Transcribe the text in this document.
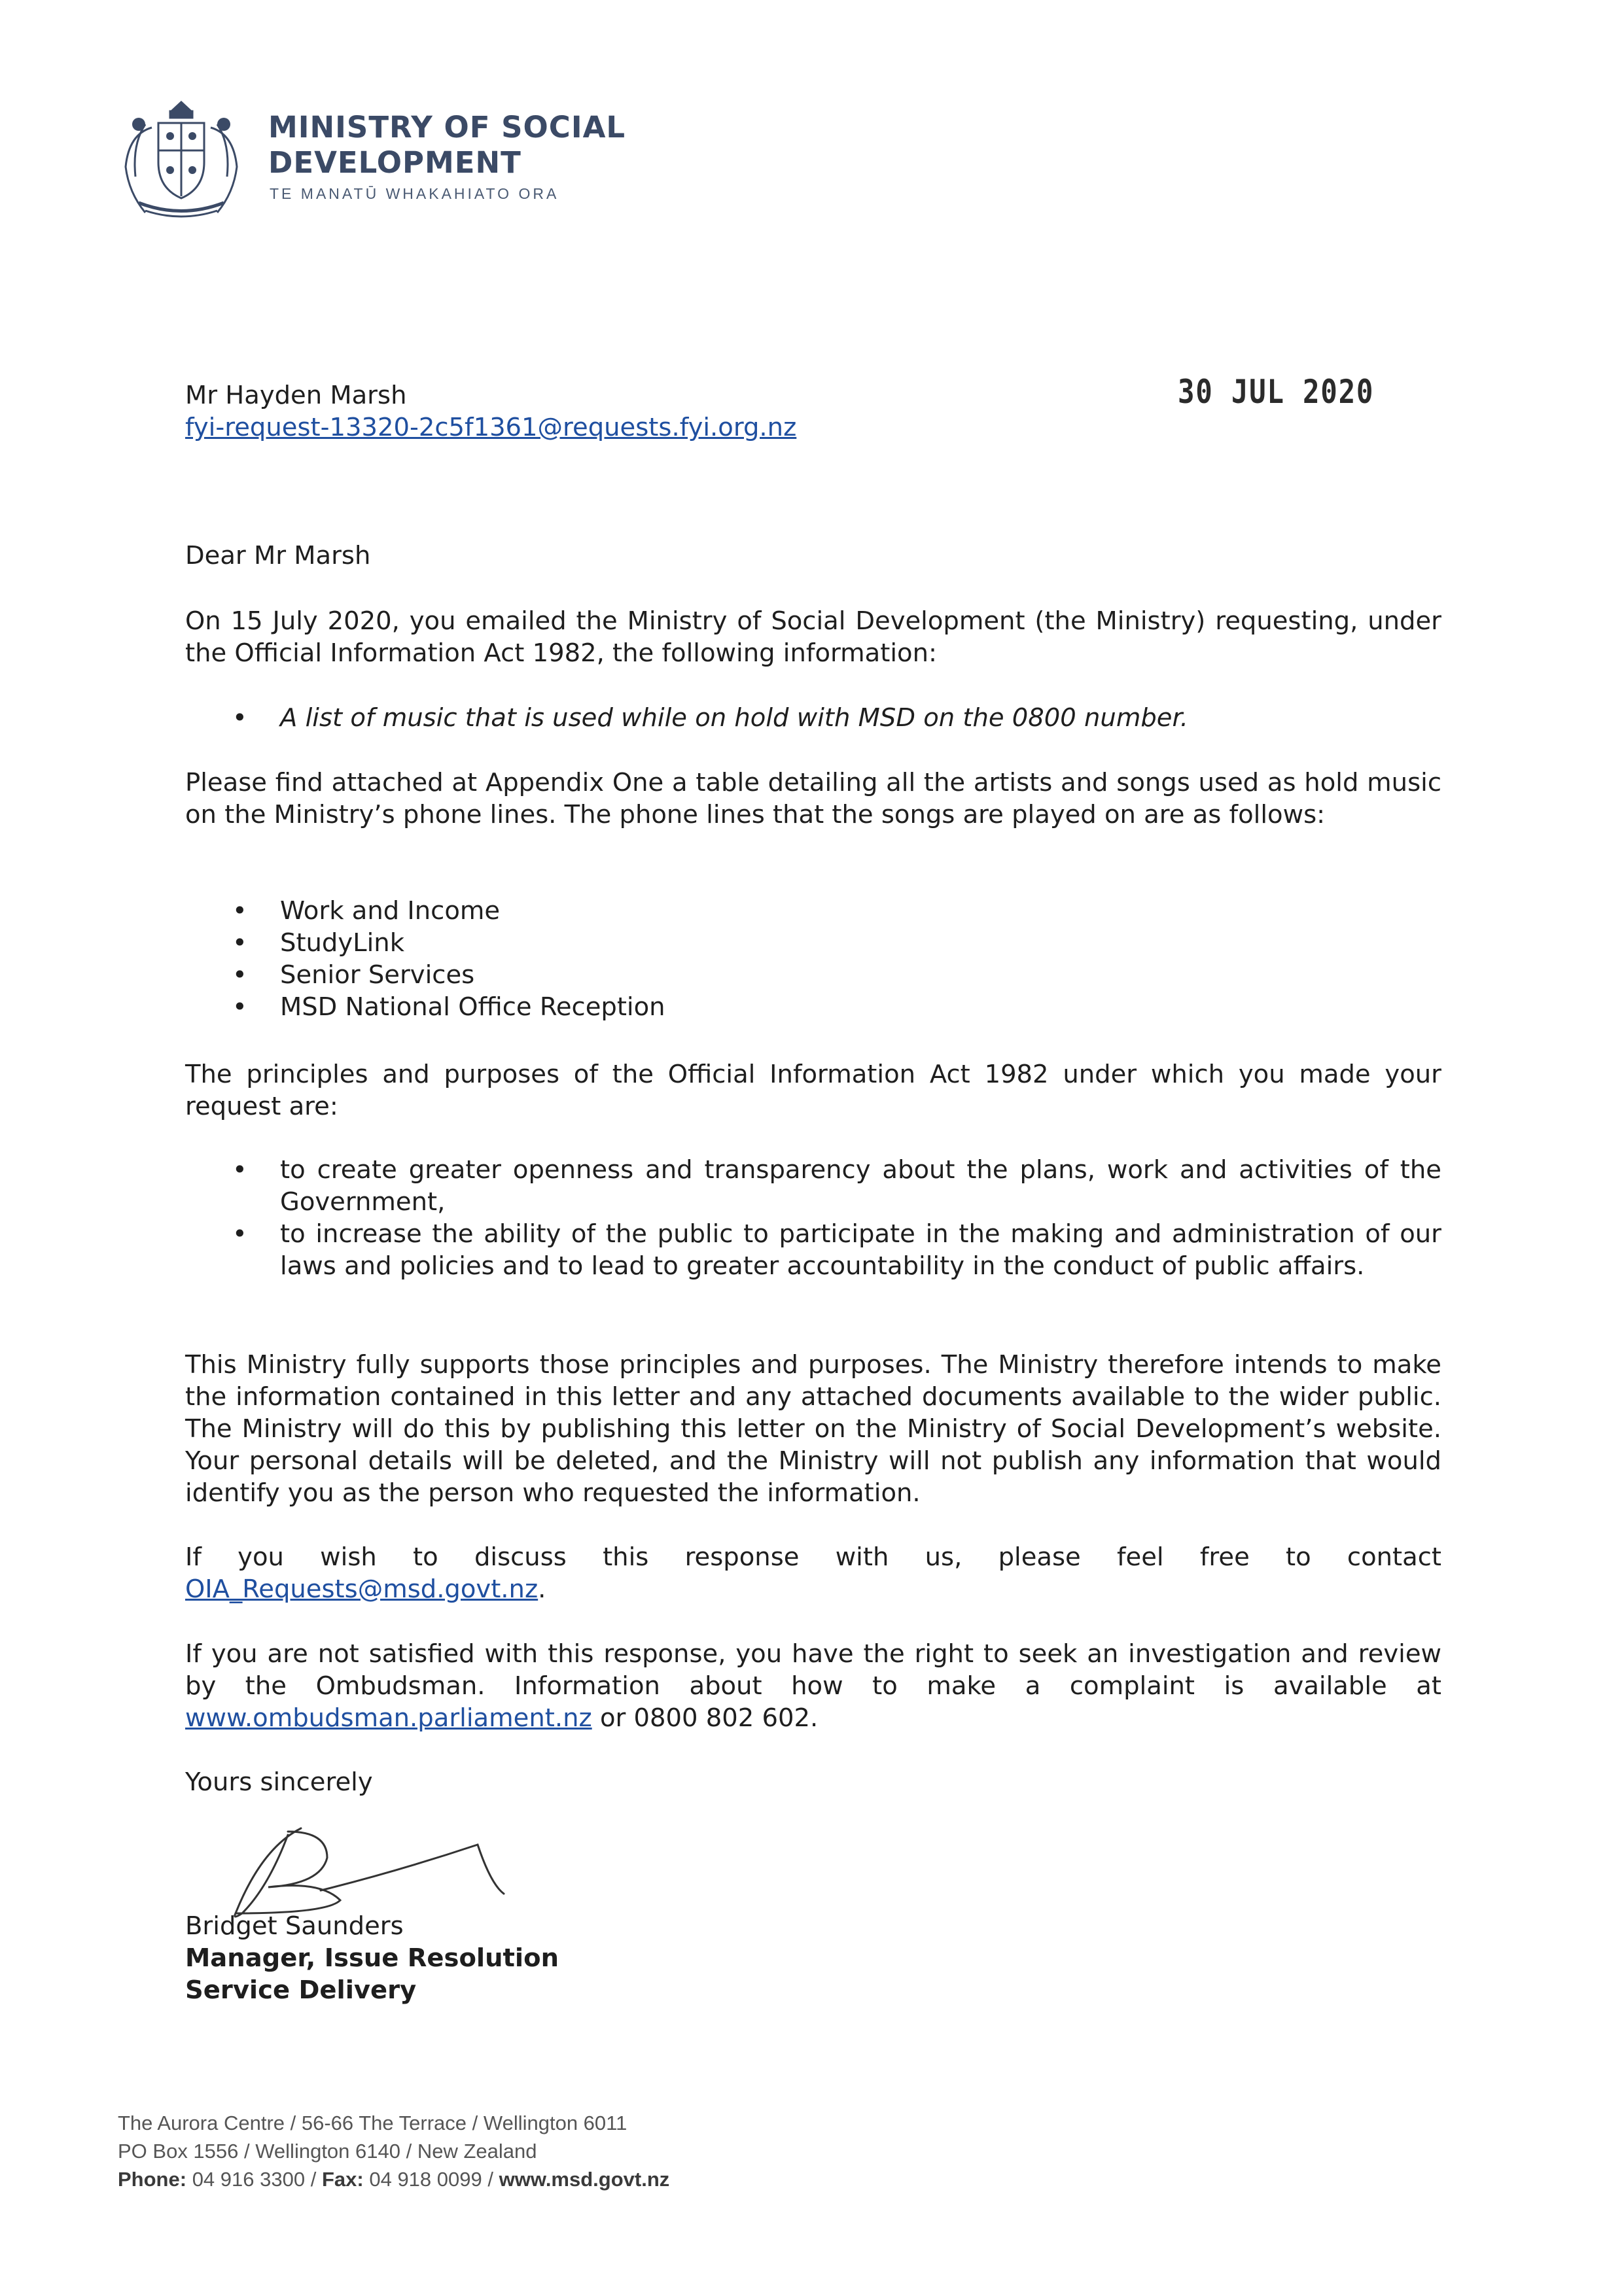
MINISTRY OF SOCIAL
DEVELOPMENT
TE MANATŪ WHAKAHIATO ORA
Mr Hayden Marsh
fyi-request-13320-2c5f1361@requests.fyi.org.nz
30 JUL 2020
Dear Mr Marsh
On 15 July 2020, you emailed the Ministry of Social Development (the Ministry) requesting, under the Official Information Act 1982, the following information:
• A list of music that is used while on hold with MSD on the 0800 number.
Please find attached at Appendix One a table detailing all the artists and songs used as hold music on the Ministry’s phone lines. The phone lines that the songs are played on are as follows:
• Work and Income
• StudyLink
• Senior Services
• MSD National Office Reception
The principles and purposes of the Official Information Act 1982 under which you made your request are:
• to create greater openness and transparency about the plans, work and activities of the Government,
• to increase the ability of the public to participate in the making and administration of our laws and policies and to lead to greater accountability in the conduct of public affairs.
This Ministry fully supports those principles and purposes. The Ministry therefore intends to make the information contained in this letter and any attached documents available to the wider public. The Ministry will do this by publishing this letter on the Ministry of Social Development’s website. Your personal details will be deleted, and the Ministry will not publish any information that would identify you as the person who requested the information.
If you wish to discuss this response with us, please feel free to contact
OIA_Requests@msd.govt.nz.
If you are not satisfied with this response, you have the right to seek an investigation and review by the Ombudsman. Information about how to make a complaint is available at www.ombudsman.parliament.nz or 0800 802 602.
Yours sincerely
Bridget Saunders
Manager, Issue Resolution
Service Delivery
The Aurora Centre / 56-66 The Terrace / Wellington 6011
PO Box 1556 / Wellington 6140 / New Zealand
Phone: 04 916 3300 / Fax: 04 918 0099 / www.msd.govt.nz
